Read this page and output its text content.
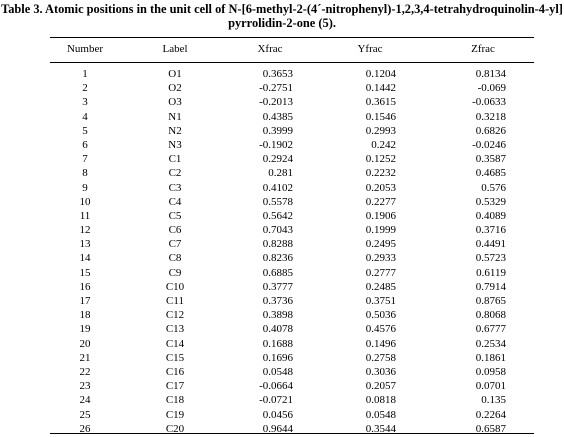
Table 3. Atomic positions in the unit cell of N-[6-methyl-2-(4´-nitrophenyl)-1,2,3,4-tetrahydroquinolin-4-yl]
pyrrolidin-2-one (5).
Number	Label	Xfrac	Yfrac	Zfrac
1	O1	0.3653	0.1204	0.8134
2	O2	-0.2751	0.1442	-0.069
3	O3	-0.2013	0.3615	-0.0633
4	N1	0.4385	0.1546	0.3218
5	N2	0.3999	0.2993	0.6826
6	N3	-0.1902	0.242	-0.0246
7	C1	0.2924	0.1252	0.3587
8	C2	0.281	0.2232	0.4685
9	C3	0.4102	0.2053	0.576
10	C4	0.5578	0.2277	0.5329
11	C5	0.5642	0.1906	0.4089
12	C6	0.7043	0.1999	0.3716
13	C7	0.8288	0.2495	0.4491
14	C8	0.8236	0.2933	0.5723
15	C9	0.6885	0.2777	0.6119
16	C10	0.3777	0.2485	0.7914
17	C11	0.3736	0.3751	0.8765
18	C12	0.3898	0.5036	0.8068
19	C13	0.4078	0.4576	0.6777
20	C14	0.1688	0.1496	0.2534
21	C15	0.1696	0.2758	0.1861
22	C16	0.0548	0.3036	0.0958
23	C17	-0.0664	0.2057	0.0701
24	C18	-0.0721	0.0818	0.135
25	C19	0.0456	0.0548	0.2264
26	C20	0.9644	0.3544	0.6587
